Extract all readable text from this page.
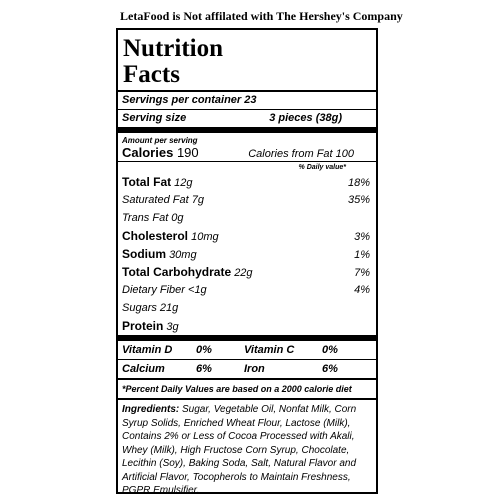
LetaFood is Not affilated with The Hershey's Company
Nutrition
Facts
Servings per container 23
Serving size	3 pieces (38g)
Amount per serving
Calories 190	Calories from Fat 100
% Daily value*
Total Fat 12g	18%
Saturated Fat 7g	35%
Trans Fat 0g
Cholesterol 10mg	3%
Sodium 30mg	1%
Total Carbohydrate 22g	7%
Dietary Fiber <1g	4%
Sugars 21g
Protein 3g
Vitamin D	0%	Vitamin C	0%
Calcium	6%	Iron	6%
*Percent Daily Values are based on a 2000 calorie diet
Ingredients: Sugar, Vegetable Oil, Nonfat Milk, Corn Syrup Solids, Enriched Wheat Flour, Lactose (Milk), Contains 2% or Less of Cocoa Processed with Akali, Whey (Milk), High Fructose Corn Syrup, Chocolate, Lecithin (Soy), Baking Soda, Salt, Natural Flavor and Artificial Flavor, Tocopherols to Maintain Freshness, PGPR Emulsifier.
